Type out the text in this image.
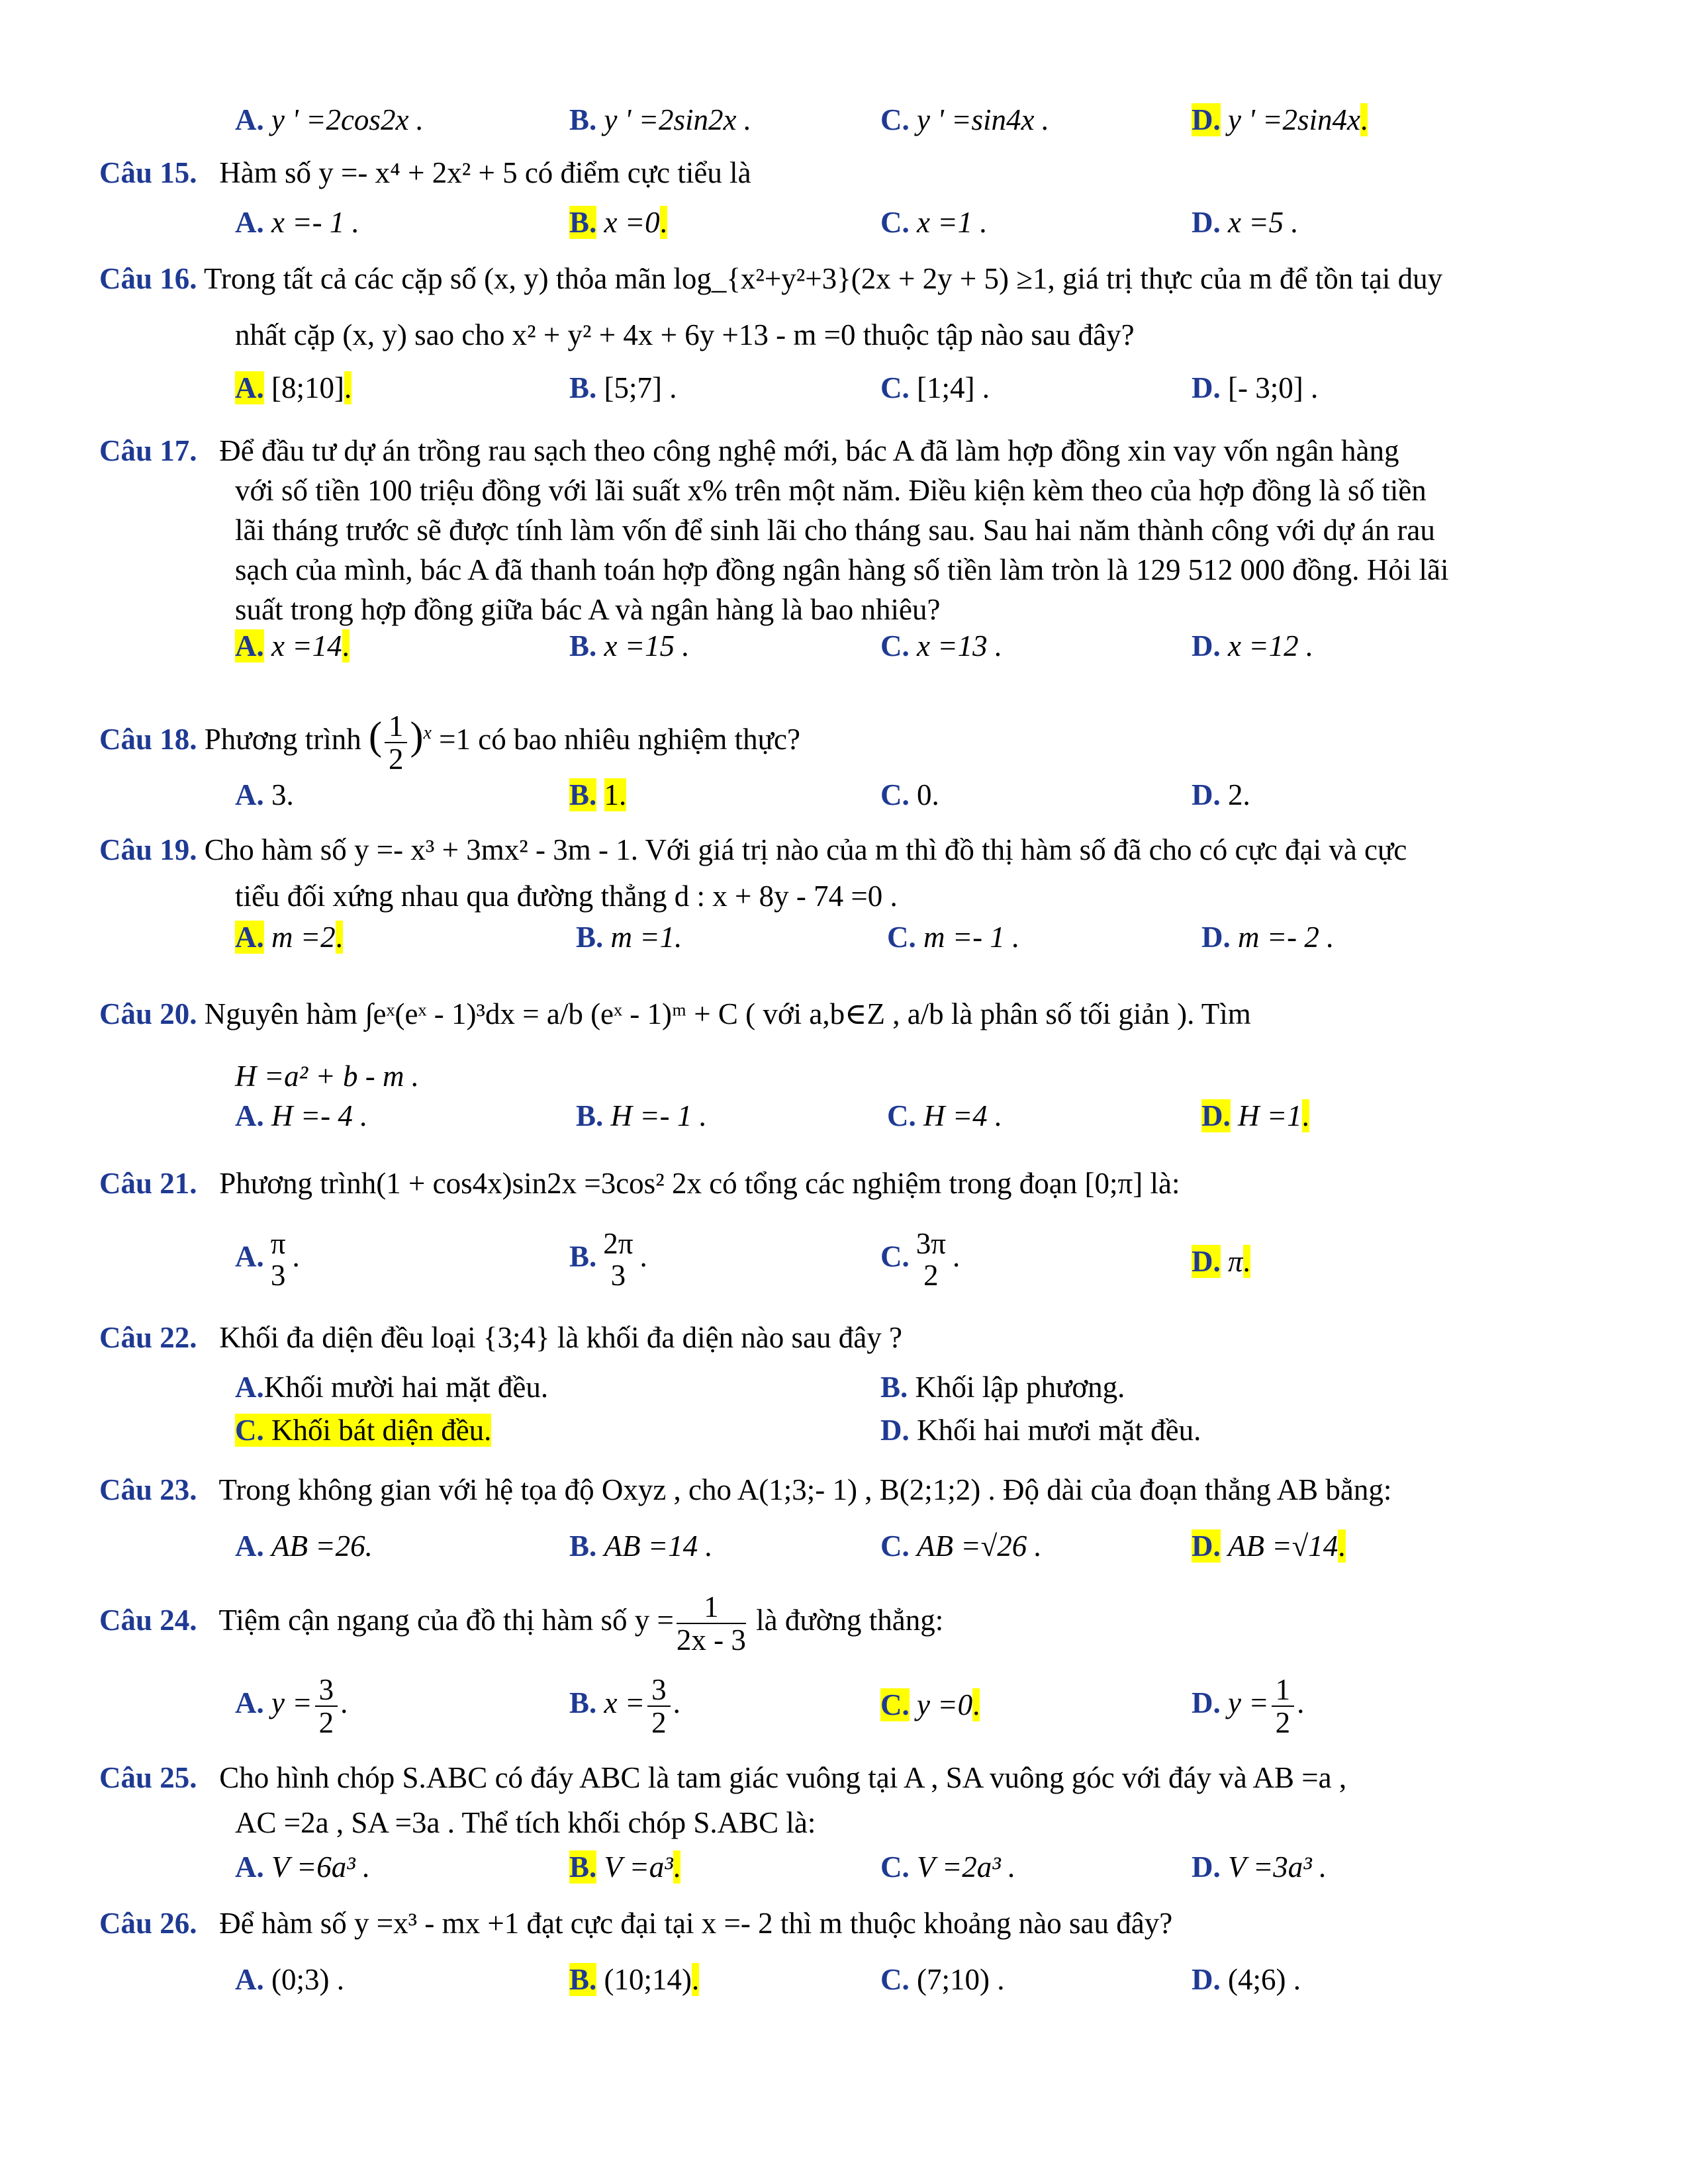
A. y ' =2cos2x .	B. y ' =2sin2x .	C. y ' =sin4x .	D. y ' =2sin4x.
Câu 15. Hàm số y =- x⁴ + 2x² + 5 có điểm cực tiểu là
A. x =- 1 .	B. x =0.	C. x =1 .	D. x =5 .
Câu 16. Trong tất cả các cặp số (x, y) thỏa mãn log_{x²+y²+3}(2x + 2y + 5) ≥1, giá trị thực của m để tồn tại duy
nhất cặp (x, y) sao cho x² + y² + 4x + 6y +13 - m =0 thuộc tập nào sau đây?
A. [8;10].	B. [5;7] .	C. [1;4] .	D. [- 3;0] .
Câu 17. Để đầu tư dự án trồng rau sạch theo công nghệ mới, bác A đã làm hợp đồng xin vay vốn ngân hàng
với số tiền 100 triệu đồng với lãi suất x% trên một năm. Điều kiện kèm theo của hợp đồng là số tiền
lãi tháng trước sẽ được tính làm vốn để sinh lãi cho tháng sau. Sau hai năm thành công với dự án rau
sạch của mình, bác A đã thanh toán hợp đồng ngân hàng số tiền làm tròn là 129 512 000 đồng. Hỏi lãi
suất trong hợp đồng giữa bác A và ngân hàng là bao nhiêu?
A. x =14.	B. x =15 .	C. x =13 .	D. x =12 .
Câu 18. Phương trình ( $\frac{1}{2} )^x =1$ có bao nhiêu nghiệm thực?
A. 3.	B. 1.	C. 0.	D. 2.
Câu 19. Cho hàm số y =- x³ + 3mx² - 3m - 1. Với giá trị nào của m thì đồ thị hàm số đã cho có cực đại và cực
tiểu đối xứng nhau qua đường thẳng d : x + 8y - 74 =0 .
A. m =2.	B. m =1.	C. m =- 1 .	D. m =- 2 .
Câu 20. Nguyên hàm ∫eˣ(eˣ - 1)³dx = a/b (eˣ - 1)ᵐ + C ( với a,b∈Z , a/b là phân số tối giản ). Tìm
H =a² + b - m .
A. H =- 4 .	B. H =- 1 .	C. H =4 .	D. H =1.
Câu 21. Phương trình(1 + cos4x)sin2x =3cos² 2x có tổng các nghiệm trong đoạn [0;π] là:
A. π
3
.	B. 2π
3
.	C. 3π
2
.	D. π.
Câu 22. Khối đa diện đều loại {3;4} là khối đa diện nào sau đây ?
A.Khối mười hai mặt đều.	B. Khối lập phương.
C. Khối bát diện đều.	D. Khối hai mươi mặt đều.
Câu 23. Trong không gian với hệ tọa độ Oxyz , cho A(1;3;- 1) , B(2;1;2) . Độ dài của đoạn thẳng AB bằng:
A. AB =26.	B. AB =14 .	C. AB =√26 .	D. AB =√14.
Câu 24. Tiệm cận ngang của đồ thị hàm số $y = \frac{1}{2x - 3}$ là đường thẳng:
A. $y = \frac{3}{2}$ .	B. $x = \frac{3}{2}$ .	C. y =0.	D. $y = \frac{1}{2}$ .
Câu 25. Cho hình chóp S.ABC có đáy ABC là tam giác vuông tại A , SA vuông góc với đáy và AB =a ,
AC =2a , SA =3a . Thể tích khối chóp S.ABC là:
A. V =6a³ .	B. V =a³.	C. V =2a³ .	D. V =3a³ .
Câu 26. Để hàm số y =x³ - mx +1 đạt cực đại tại x =- 2 thì m thuộc khoảng nào sau đây?
A. (0;3) .	B. (10;14).	C. (7;10) .	D. (4;6) .
